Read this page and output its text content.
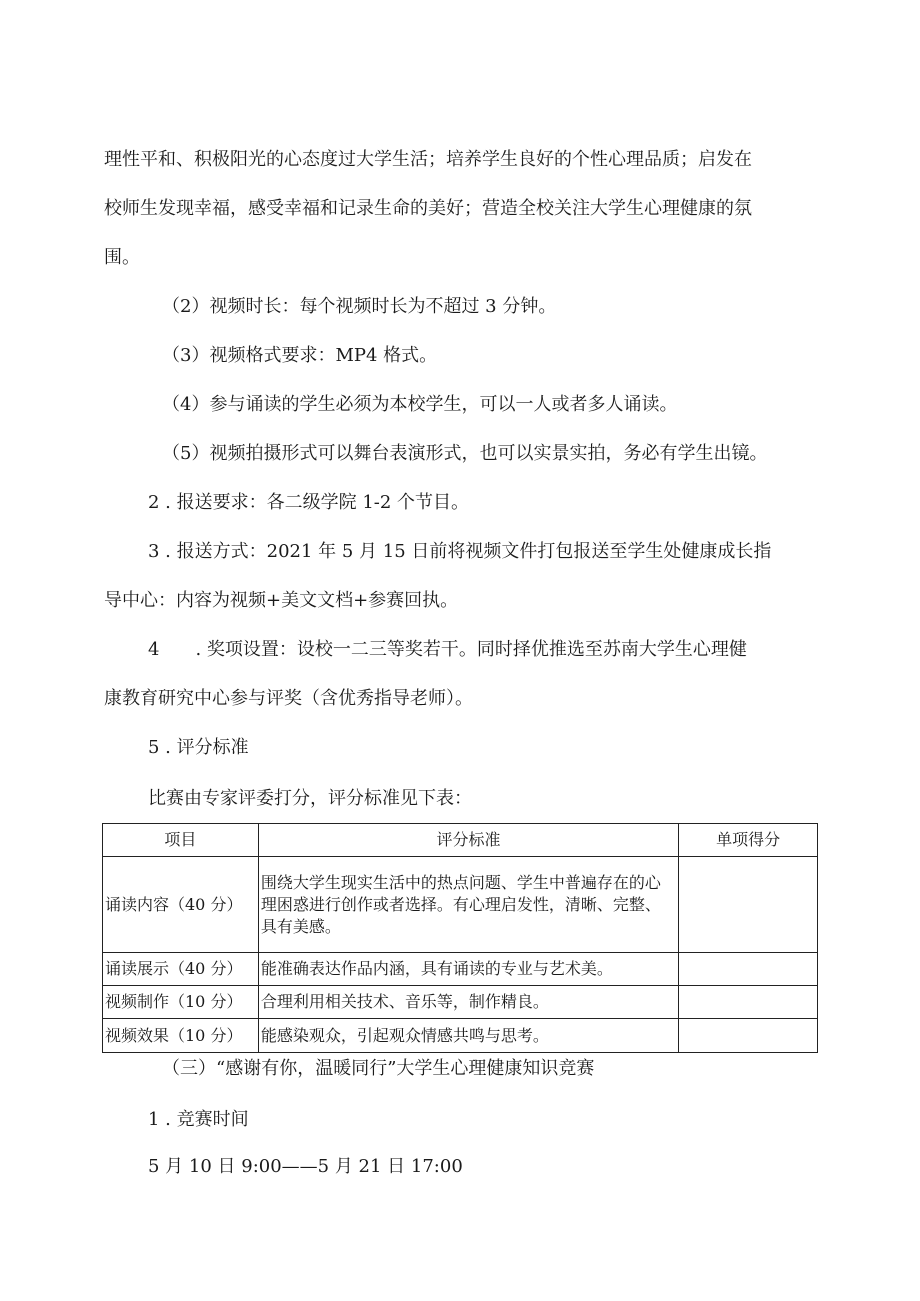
理性平和、积极阳光的心态度过大学生活；培养学生良好的个性心理品质；启发在
校师生发现幸福，感受幸福和记录生命的美好；营造全校关注大学生心理健康的氛
围。
（2）视频时长：每个视频时长为不超过 3 分钟。
（3）视频格式要求：MP4 格式。
（4）参与诵读的学生必须为本校学生，可以一人或者多人诵读。
（5）视频拍摄形式可以舞台表演形式，也可以实景实拍，务必有学生出镜。
2 . 报送要求：各二级学院 1-2 个节目。
3 . 报送方式：2021 年 5 月 15 日前将视频文件打包报送至学生处健康成长指
导中心：内容为视频+美文文档+参赛回执。
4　　. 奖项设置：设校一二三等奖若干。同时择优推选至苏南大学生心理健
康教育研究中心参与评奖（含优秀指导老师）。
5 . 评分标准
比赛由专家评委打分，评分标准见下表：
项目	评分标准	单项得分
诵读内容（40 分）	围绕大学生现实生活中的热点问题、学生中普遍存在的心理困惑进行创作或者选择。有心理启发性，清晰、完整、具有美感。	
诵读展示（40 分）	能准确表达作品内涵，具有诵读的专业与艺术美。	
视频制作（10 分）	合理利用相关技术、音乐等，制作精良。	
视频效果（10 分）	能感染观众，引起观众情感共鸣与思考。	
（三）“感谢有你，温暖同行”大学生心理健康知识竞赛
1 . 竞赛时间
5 月 10 日 9:00——5 月 21 日 17:00
